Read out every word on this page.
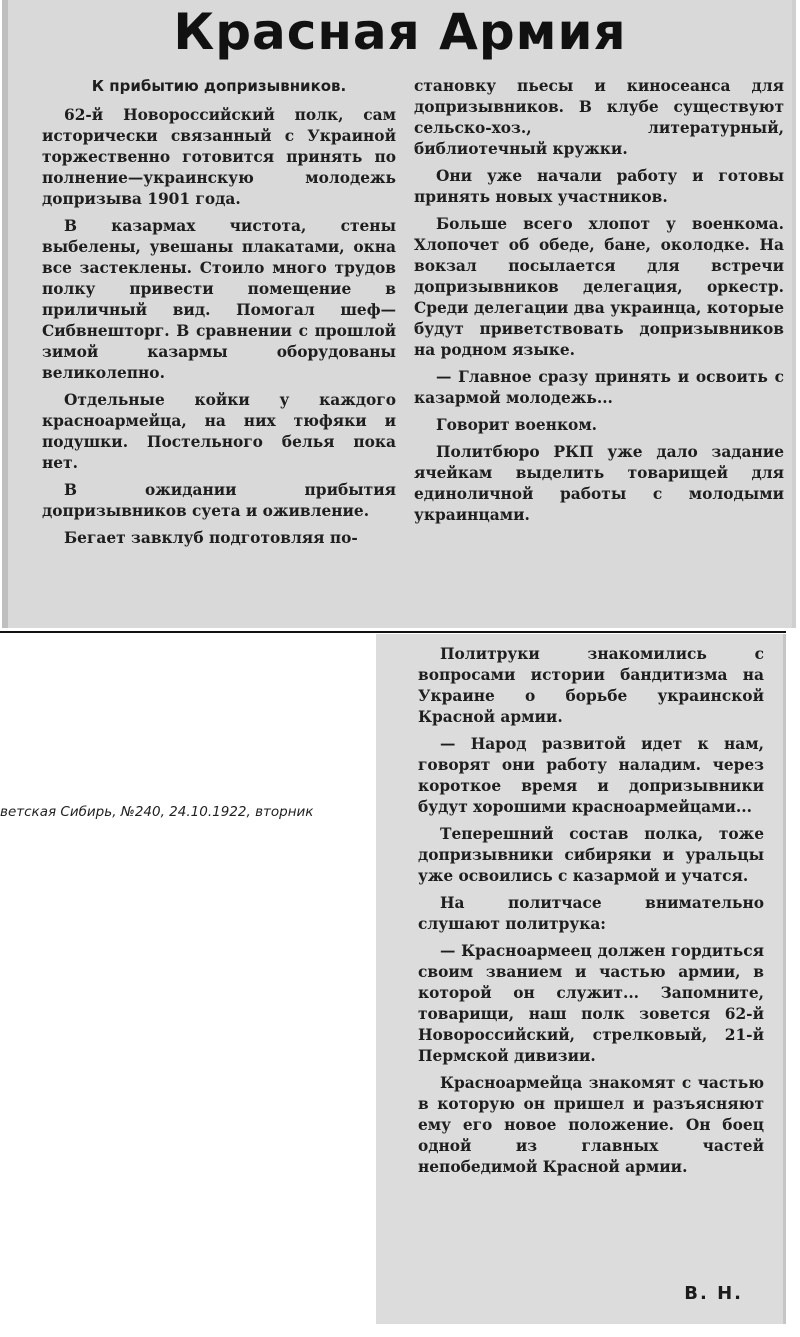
Красная Армия

К прибытию допризывников.

62-й Новороссийский полк, сам исторически связанный с Украиной торжественно готовится принять по полнение—украинскую молодежь допризыва 1901 года.

В казармах чистота, стены выбелены, увешаны плакатами, окна все застеклены. Стоило много трудов полку привести помещение в приличный вид. Помогал шеф—Сибвнешторг. В сравнении с прошлой зимой казармы оборудованы великолепно.

Отдельные койки у каждого красноармейца, на них тюфяки и подушки. Постельного белья пока нет.

В ожидании прибытия допризывников суета и оживление.

Бегает завклуб подготовляя по-

становку пьесы и киносеанса для допризывников. В клубе существуют сельско-хоз., литературный, библиотечный кружки.

Они уже начали работу и готовы принять новых участников.

Больше всего хлопот у военкома. Хлопочет об обеде, бане, околодке. На вокзал посылается для встречи допризывников делегация, оркестр. Среди делегации два украинца, которые будут приветствовать допризывников на родном языке.

— Главное сразу принять и освоить с казармой молодежь...

Говорит военком.

Политбюро РКП уже дало задание ячейкам выделить товарищей для единоличной работы с молодыми украинцами.

ветская Сибирь, №240, 24.10.1922, вторник

Политруки знакомились с вопросами истории бандитизма на Украине о борьбе украинской Красной армии.

— Народ развитой идет к нам, говорят они работу наладим. через короткое время и допризывники будут хорошими красноармейцами...

Теперешний состав полка, тоже допризывники сибиряки и уральцы уже освоились с казармой и учатся.

На политчасе внимательно слушают политрука:

— Красноармеец должен гордиться своим званием и частью армии, в которой он служит... Запомните, товарищи, наш полк зовется 62-й Новороссийский, стрелковый, 21-й Пермской дивизии.

Красноармейца знакомят с частью в которую он пришел и разъясняют ему его новое положение. Он боец одной из главных частей непобедимой Красной армии.

В. Н.
